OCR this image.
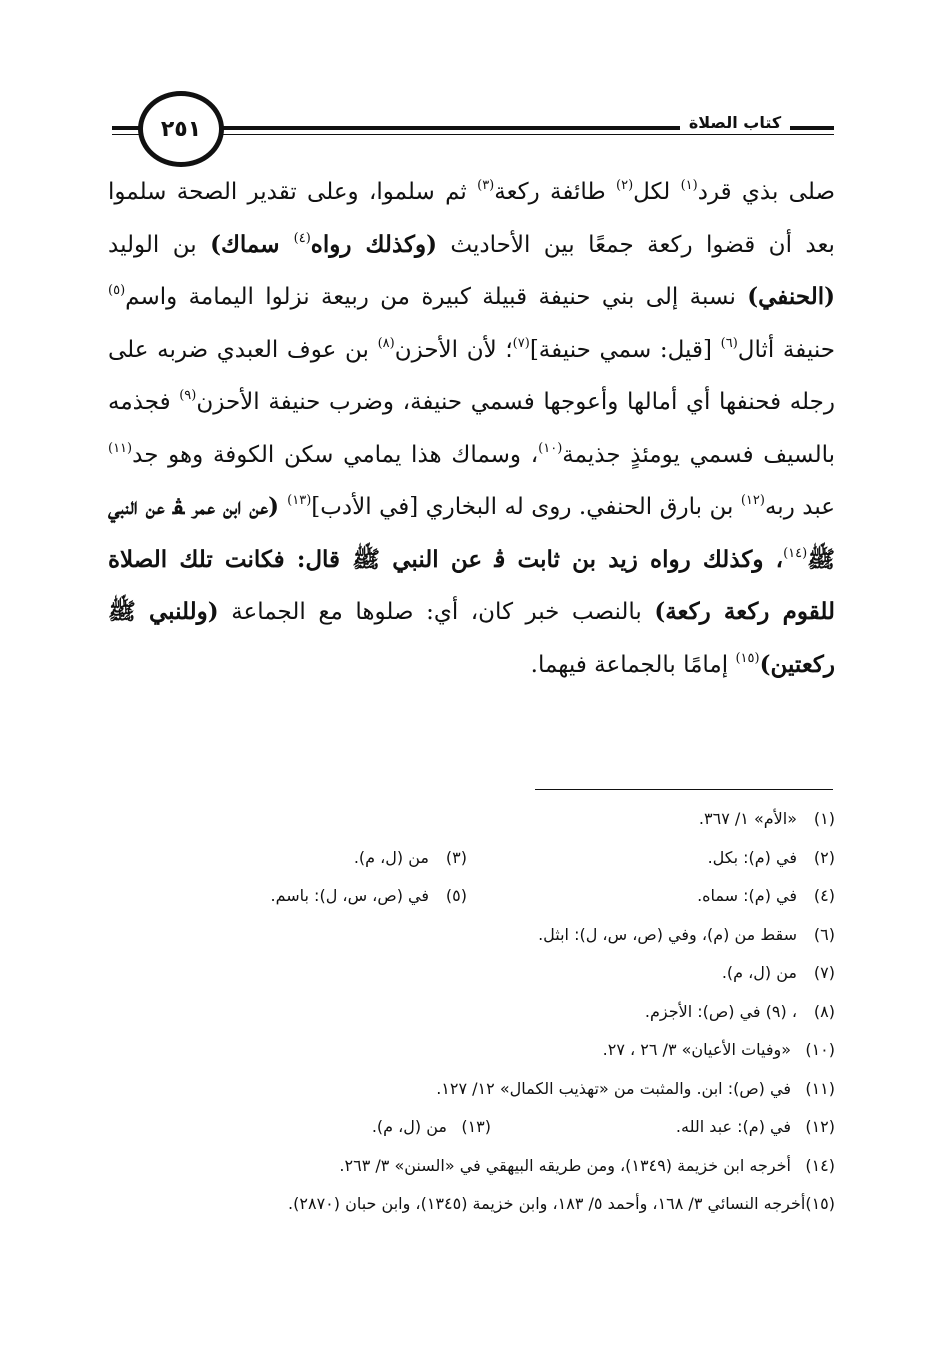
٢٥١	كتاب الصلاة

صلى بذي قرد$^{(١)}$ لكل$^{(٢)}$ طائفة ركعة$^{(٣)}$ ثم سلموا، وعلى تقدير الصحة سلموا بعد أن قضوا ركعة جمعًا بين الأحاديث (وكذلك رواه$^{(٤)}$ سماك) بن الوليد (الحنفي) نسبة إلى بني حنيفة قبيلة كبيرة من ربيعة نزلوا اليمامة واسم$^{(٥)}$ حنيفة أثال$^{(٦)}$ [قيل: سمي حنيفة]$^{(٧)}$؛ لأن الأحزن$^{(٨)}$ بن عوف العبدي ضربه على رجله فحنفها أي أمالها وأعوجها فسمي حنيفة، وضرب حنيفة الأحزن$^{(٩)}$ فجذمه بالسيف فسمي يومئذٍ جذيمة$^{(١٠)}$، وسماك هذا يمامي سكن الكوفة وهو جد$^{(١١)}$ عبد ربه$^{(١٢)}$ بن بارق الحنفي. روى له البخاري [في الأدب]$^{(١٣)}$ (عن ابن عمر ﭭ عن النبي ﷺ$^{(١٤)}$، وكذلك رواه زيد بن ثابت ﭬ عن النبي ﷺ قال: فكانت تلك الصلاة للقوم ركعة ركعة) بالنصب خبر كان، أي: صلوها مع الجماعة (وللنبي ﷺ ركعتين)$^{(١٥)}$ إمامًا بالجماعة فيهما.

(١)
«الأم» ١/ ٣٦٧.
(٢)
في (م): بكل.
(٣)
من (ل، م).
(٤)
في (م): سماه.
(٥)
في (ص، س، ل): باسم.
(٦)
سقط من (م)، وفي (ص، س، ل): ابثل.
(٧)
من (ل، م).
(٨)
، (٩) في (ص): الأجزم.
(١٠)
«وفيات الأعيان» ٣/ ٢٦ ، ٢٧.
(١١)
في (ص): ابن. والمثبت من «تهذيب الكمال» ١٢/ ١٢٧.
(١٢)
في (م): عبد الله.
(١٣)
من (ل، م).
(١٤)
أخرجه ابن خزيمة (١٣٤٩)، ومن طريقه البيهقي في «السنن» ٣/ ٢٦٣.
(١٥)
أخرجه النسائي ٣/ ١٦٨، وأحمد ٥/ ١٨٣، وابن خزيمة (١٣٤٥)، وابن حبان (٢٨٧٠).
